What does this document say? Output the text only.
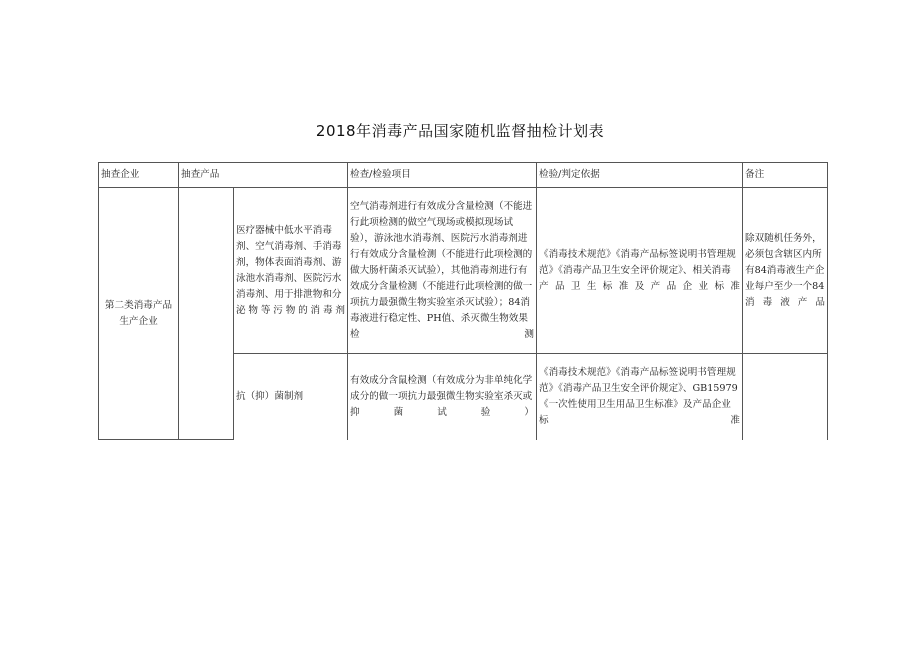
2018年消毒产品国家随机监督抽检计划表
抽查企业	抽查产品		检查/检验项目	检验/判定依据	备注
第二类消毒产品生产企业		医疗器械中低水平消毒剂、空气消毒剂、手消毒剂，物体表面消毒剂、游泳池水消毒剂、医院污水消毒剂、用于排泄物和分泌物等污物的消毒剂	空气消毒剂进行有效成分含量检测（不能进行此项检测的做空气现场或模拟现场试验），游泳池水消毒剂、医院污水消毒剂进行有效成分含量检测（不能进行此项检测的做大肠杆菌杀灭试验），其他消毒剂进行有效成分含量检测（不能进行此项检测的做一项抗力最强微生物实验室杀灭试验）；84消毒液进行稳定性、PH值、杀灭微生物效果检测	《消毒技术规范》《消毒产品标签说明书管理规范》《消毒产品卫生安全评价规定》、相关消毒产品卫生标准及产品企业标准	除双随机任务外，必须包含辖区内所有84消毒液生产企业每户至少一个84消毒液产品
		抗（抑）菌制剂	有效成分含鼠检测（有效成分为非单纯化学成分的做一项抗力最强微生物实验室杀灭或抑菌试验）	《消毒技术规范》《消毒产品标签说明书管理规范》《消毒产品卫生安全评价规定》、GB15979《一次性使用卫生用品卫生标准》及产品企业标准	
